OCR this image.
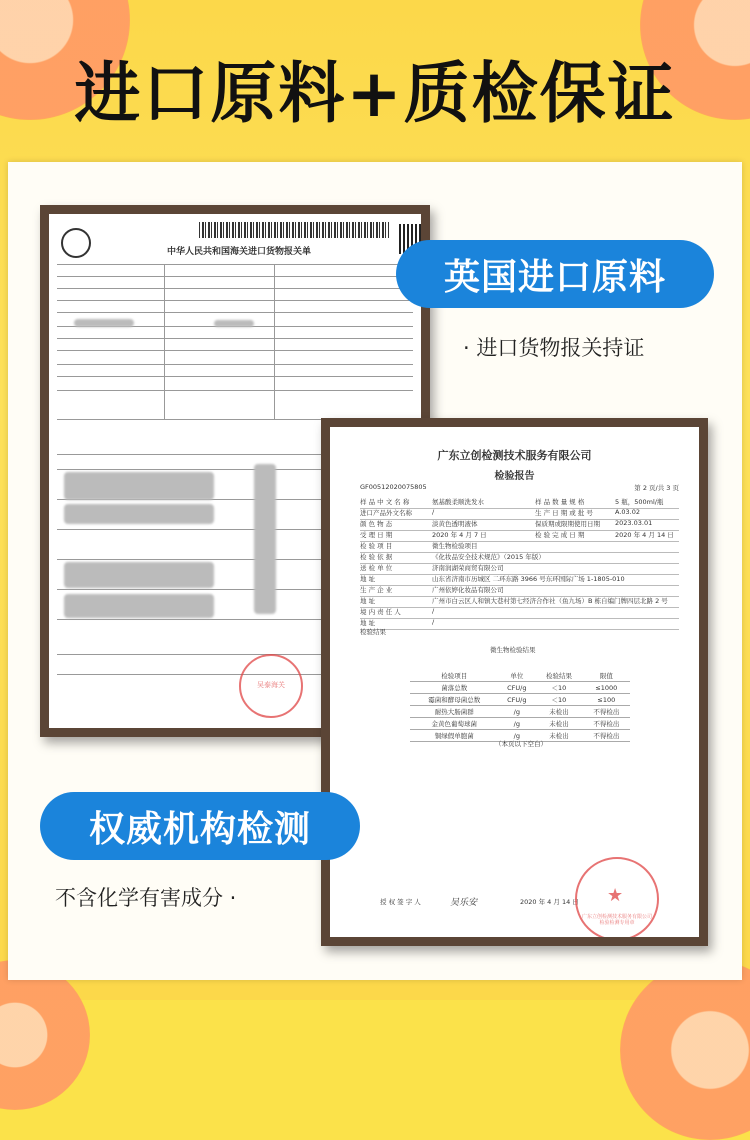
进口原料+质检保证
中华人民共和国海关进口货物报关单
吴泰海关
广东立创检测技术服务有限公司
检验报告
GF00512020075805	第 2 页/共 3 页
样 品 中 文 名 称	氨基酸柔顺洗发水	样 品 数 量 规 格	5 瓶，500ml/瓶
进口产品外文名称	/	生 产 日 期 或 批 号	A.03.02
颜 色 物 态	淡黄色透明液体	保质期或限期使用日期 2023.03.01
受 理 日 期	2020 年 4 月 7 日	检 验 完 成 日 期	2020 年 4 月 14 日
检 验 项 目	微生物检验项目
检 验 依 据	《化妆品安全技术规范》（2015 年版）
送 检 单 位	济南润湖荣商贸有限公司
地 址	山东省济南市历城区 二环东路 3966 号东环国际广场 1-1805-010
生 产 企 业	广州依婷化妆品有限公司
地 址	广州市白云区人和镇大巷村第七经济合作社（鱼九场）B 栋自编门牌四层北路 2 号
境 内 责 任 人	/
地 址	/
检验结果
微生物检验结果
检验项目	单位	检验结果	限值
菌落总数	CFU/g	＜10	≤1000
霉菌和酵母菌总数	CFU/g	＜10	≤100
耐热大肠菌群	/g	未检出	不得检出
金黄色葡萄球菌	/g	未检出	不得检出
铜绿假单胞菌	/g	未检出	不得检出
（本页以下空白）
授 权 签 字 人	吴乐安	2020 年 4 月 14 日 ★
广东立创检测技术服务有限公司 检验检测专用章
英国进口原料
· 进口货物报关持证
权威机构检测
不含化学有害成分 ·
